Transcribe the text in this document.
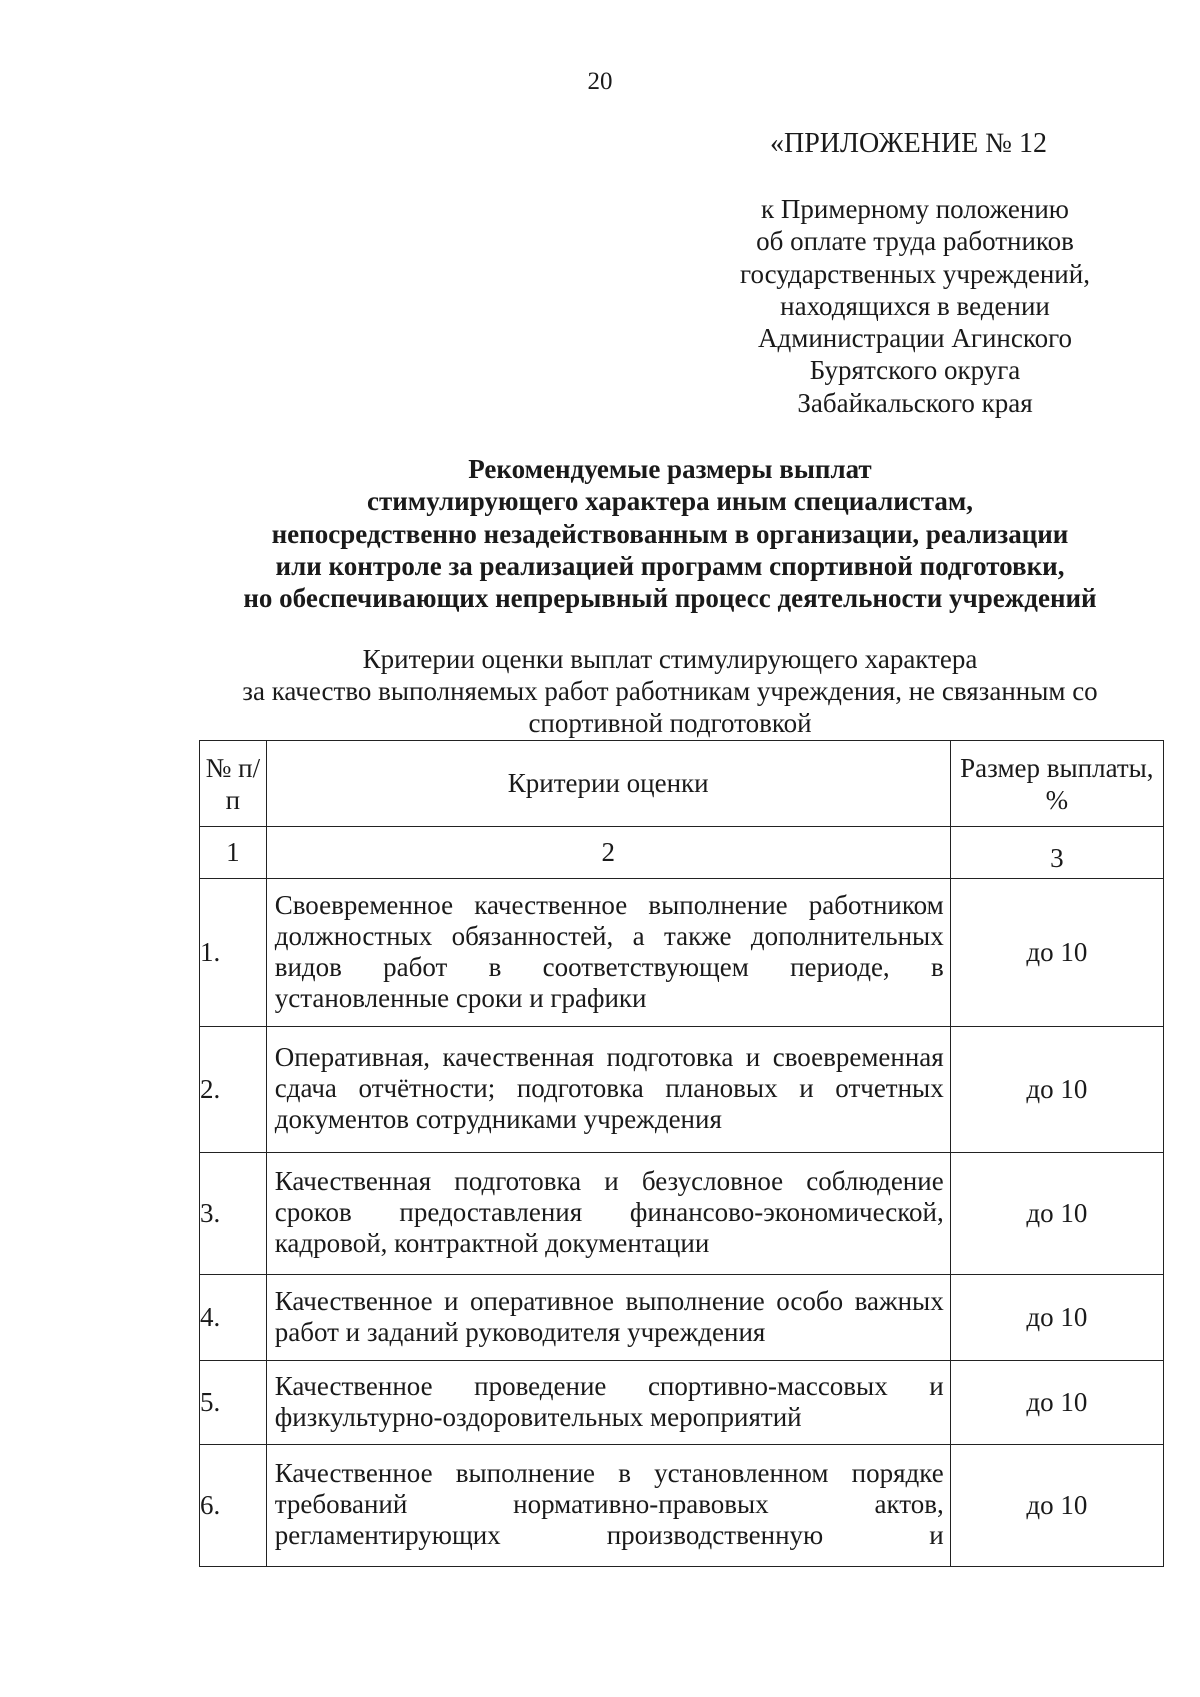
20
«ПРИЛОЖЕНИЕ № 12
к Примерному положению
об оплате труда работников
государственных учреждений,
находящихся в ведении
Администрации Агинского
Бурятского округа
Забайкальского края
Рекомендуемые размеры выплат
стимулирующего характера иным специалистам,
непосредственно незадействованным в организации, реализации
или контроле за реализацией программ спортивной подготовки,
но обеспечивающих непрерывный процесс деятельности учреждений
Критерии оценки выплат стимулирующего характера
за качество выполняемых работ работникам учреждения, не связанным со
спортивной подготовкой
№ п/п	Критерии оценки	Размер выплаты, %
1	2	3
1.	Своевременное качественное выполнение работником должностных обязанностей, а также дополнительных видов работ в соответствующем периоде, в установленные сроки и графики	до 10
2.	Оперативная, качественная подготовка и своевременная сдача отчётности; подготовка плановых и отчетных документов сотрудниками учреждения	до 10
3.	Качественная подготовка и безусловное соблюдение сроков предоставления финансово-экономической, кадровой, контрактной документации	до 10
4.	Качественное и оперативное выполнение особо важных работ и заданий руководителя учреждения	до 10
5.	Качественное проведение спортивно-массовых и физкультурно-оздоровительных мероприятий	до 10
6.	Качественное выполнение в установленном порядке требований нормативно-правовых актов, регламентирующих производственную и	до 10
